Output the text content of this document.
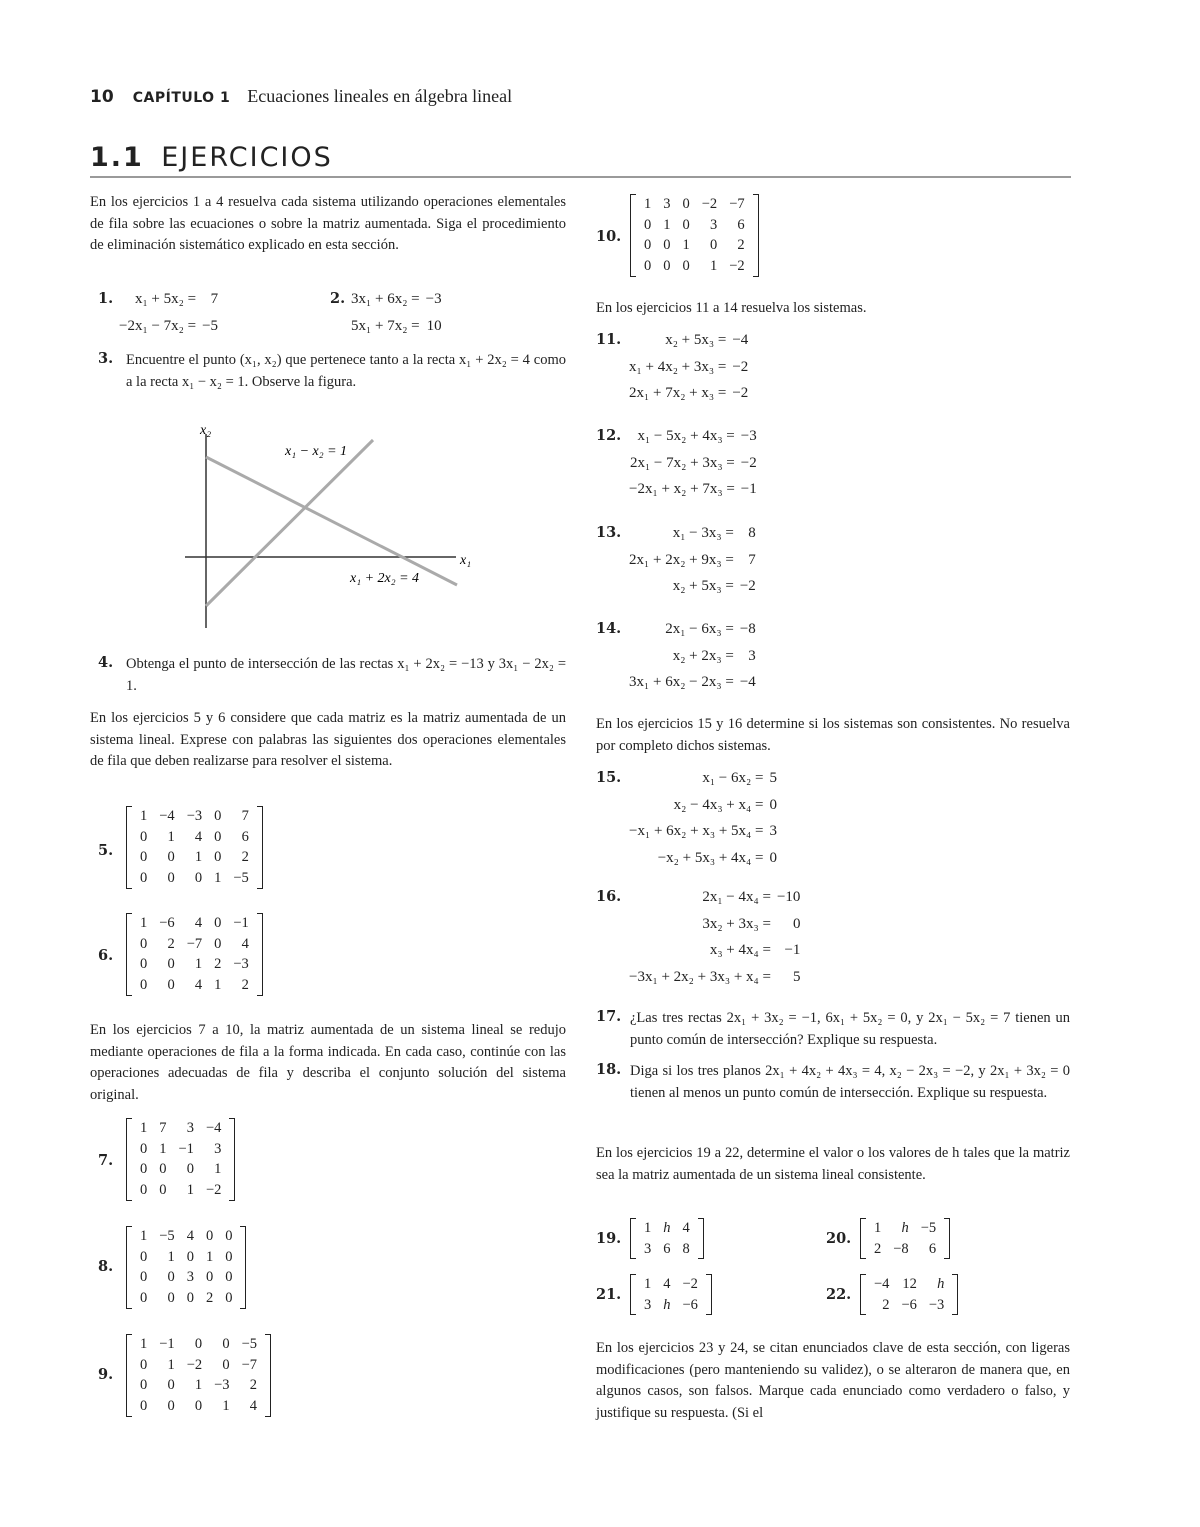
10 CAPÍTULO 1 Ecuaciones lineales en álgebra lineal
1.1 EJERCICIOS
En los ejercicios 1 a 4 resuelva cada sistema utilizando operaciones elementales de fila sobre las ecuaciones o sobre la matriz aumentada. Siga el procedimiento de eliminación sistemático explicado en esta sección.
1. x₁ + 5x₂ =	7
−2x₁ − 7x₂ =	−5
2. 3x₁ + 6x₂ =	−3
5x₁ + 7x₂ =	10
3. Encuentre el punto (x₁, x₂) que pertenece tanto a la recta x₁ + 2x₂ = 4 como a la recta x₁ − x₂ = 1. Observe la figura.
x₂
x₁
x₁ − x₂ = 1
x₁ + 2x₂ = 4
4. Obtenga el punto de intersección de las rectas x₁ + 2x₂ = −13 y 3x₁ − 2x₂ = 1.
En los ejercicios 5 y 6 considere que cada matriz es la matriz aumentada de un sistema lineal. Exprese con palabras las siguientes dos operaciones elementales de fila que deben realizarse para resolver el sistema.
5.
1	−4	−3	0	7
0	1	4	0	6
0	0	1	0	2
0	0	0	1	−5
6.
1	−6	4	0	−1
0	2	−7	0	4
0	0	1	2	−3
0	0	4	1	2
En los ejercicios 7 a 10, la matriz aumentada de un sistema lineal se redujo mediante operaciones de fila a la forma indicada. En cada caso, continúe con las operaciones adecuadas de fila y describa el conjunto solución del sistema original.
7.
1	7	3	−4
0	1	−1	3
0	0	0	1
0	0	1	−2
8.
1	−5	4	0	0
0	1	0	1	0
0	0	3	0	0
0	0	0	2	0
9.
1	−1	0	0	−5
0	1	−2	0	−7
0	0	1	−3	2
0	0	0	1	4
10.
1	3	0	−2	−7
0	1	0	3	6
0	0	1	0	2
0	0	0	1	−2
En los ejercicios 11 a 14 resuelva los sistemas.
11.	x₂ + 5x₃ =	−4
x₁ + 4x₂ + 3x₃ =	−2
2x₁ + 7x₂ + x₃ =	−2
12. x₁ − 5x₂ + 4x₃ =	−3
2x₁ − 7x₂ + 3x₃ =	−2
−2x₁ + x₂ + 7x₃ =	−1
13.	x₁ − 3x₃ =	8
2x₁ + 2x₂ + 9x₃ =	7
x₂ + 5x₃ =	−2
14.	2x₁ − 6x₃ =	−8
x₂ + 2x₃ =	3
3x₁ + 6x₂ − 2x₃ =	−4
En los ejercicios 15 y 16 determine si los sistemas son consistentes. No resuelva por completo dichos sistemas.
15.	x₁ − 6x₂ =	5
x₂ − 4x₃ + x₄ =	0
−x₁ + 6x₂ + x₃ + 5x₄ =	3
−x₂ + 5x₃ + 4x₄ =	0
16.	2x₁ − 4x₄ =	−10
3x₂ + 3x₃ =	0
x₃ + 4x₄ =	−1
−3x₁ + 2x₂ + 3x₃ + x₄ =	5
17. ¿Las tres rectas 2x₁ + 3x₂ = −1, 6x₁ + 5x₂ = 0, y 2x₁ − 5x₂ = 7 tienen un punto común de intersección? Explique su respuesta.
18. Diga si los tres planos 2x₁ + 4x₂ + 4x₃ = 4, x₂ − 2x₃ = −2, y 2x₁ + 3x₂ = 0 tienen al menos un punto común de intersección. Explique su respuesta.
En los ejercicios 19 a 22, determine el valor o los valores de h tales que la matriz sea la matriz aumentada de un sistema lineal consistente.
19.
1	h	4
3	6	8
20.
1	h	−5
2	−8	6
21.
1	4	−2
3	h	−6
22.
−4	12	h
2	−6	−3
En los ejercicios 23 y 24, se citan enunciados clave de esta sección, con ligeras modificaciones (pero manteniendo su validez), o se alteraron de manera que, en algunos casos, son falsos. Marque cada enunciado como verdadero o falso, y justifique su respuesta. (Si el
